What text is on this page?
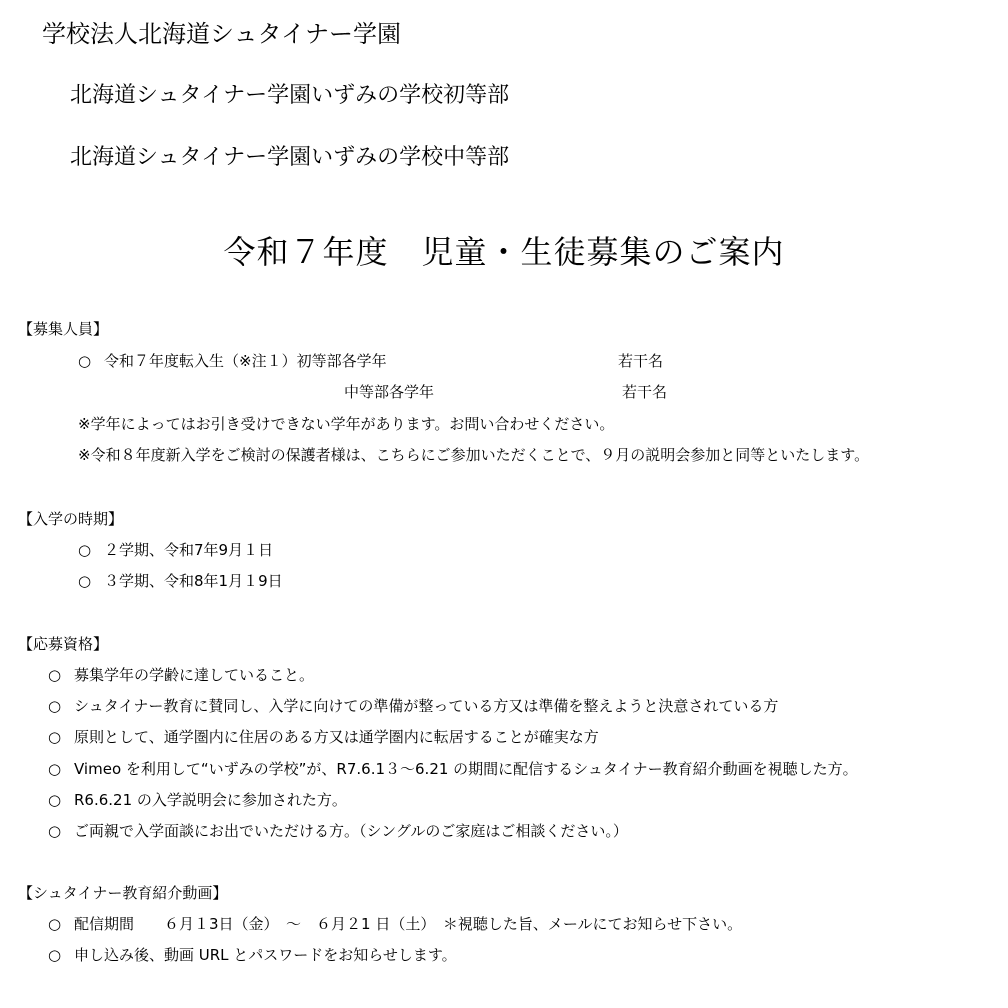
学校法人北海道シュタイナー学園
北海道シュタイナー学園いずみの学校初等部
北海道シュタイナー学園いずみの学校中等部
令和７年度　児童・生徒募集のご案内
【募集人員】
○ 令和７年度転入生（※注１）初等部各学年	若干名
中等部各学年	若干名
※学年によってはお引き受けできない学年があります。お問い合わせください。
※令和８年度新入学をご検討の保護者様は、こちらにご参加いただくことで、９月の説明会参加と同等といたします。
【入学の時期】
○ ２学期、令和7年9月１日
○ ３学期、令和8年1月１9日
【応募資格】
○ 募集学年の学齢に達していること。
○ シュタイナー教育に賛同し、入学に向けての準備が整っている方又は準備を整えようと決意されている方
○ 原則として、通学圏内に住居のある方又は通学圏内に転居することが確実な方
○ Vimeo を利用して“いずみの学校”が、R7.6.1３～6.21 の期間に配信するシュタイナー教育紹介動画を視聴した方。
○ R6.6.21 の入学説明会に参加された方。
○ ご両親で入学面談にお出でいただける方。（シングルのご家庭はご相談ください。）
【シュタイナー教育紹介動画】
○ 配信期間　　６月１3日（金）　～　６月２1 日（土）　＊視聴した旨、メールにてお知らせ下さい。
○ 申し込み後、動画 URL とパスワードをお知らせします。
